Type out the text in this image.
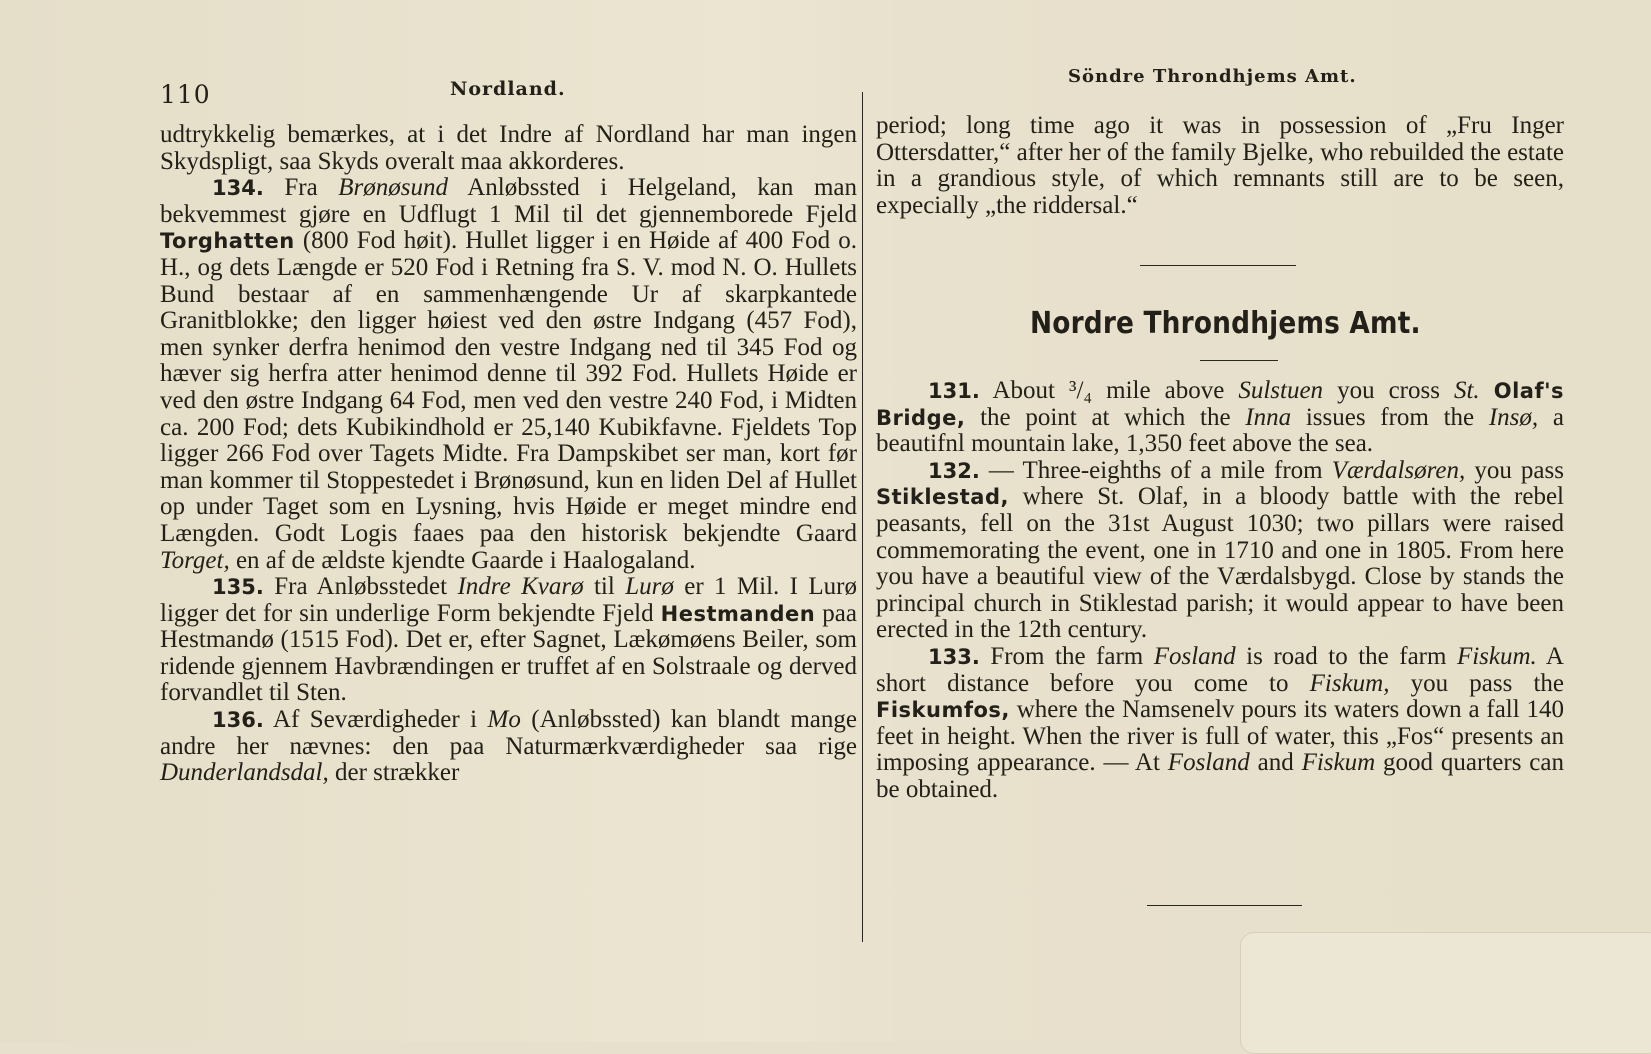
110	Nordland.
Söndre Throndhjems Amt.

udtrykkelig bemærkes, at i det Indre af Nordland har man ingen Skydspligt, saa Skyds overalt maa akkorderes.

134. Fra Brønøsund Anløbssted i Helgeland, kan man bekvemmest gjøre en Udflugt 1 Mil til det gjennemborede Fjeld Torghatten (800 Fod høit). Hullet ligger i en Høide af 400 Fod o. H., og dets Længde er 520 Fod i Retning fra S. V. mod N. O. Hullets Bund bestaar af en sammenhængende Ur af skarpkantede Granitblokke; den ligger høiest ved den østre Indgang (457 Fod), men synker derfra henimod den vestre Indgang ned til 345 Fod og hæver sig herfra atter henimod denne til 392 Fod. Hullets Høide er ved den østre Indgang 64 Fod, men ved den vestre 240 Fod, i Midten ca. 200 Fod; dets Kubikindhold er 25,140 Kubikfavne. Fjeldets Top ligger 266 Fod over Tagets Midte. Fra Dampskibet ser man, kort før man kommer til Stoppestedet i Brønøsund, kun en liden Del af Hullet op under Taget som en Lysning, hvis Høide er meget mindre end Længden. Godt Logis faaes paa den historisk bekjendte Gaard Torget, en af de ældste kjendte Gaarde i Haalogaland.

135. Fra Anløbsstedet Indre Kvarø til Lurø er 1 Mil. I Lurø ligger det for sin underlige Form bekjendte Fjeld Hestmanden paa Hestmandø (1515 Fod). Det er, efter Sagnet, Lækømøens Beiler, som ridende gjennem Havbrændingen er truffet af en Solstraale og derved forvandlet til Sten.

136. Af Seværdigheder i Mo (Anløbssted) kan blandt mange andre her nævnes: den paa Naturmærkværdigheder saa rige Dunderlandsdal, der strækker

period; long time ago it was in possession of „Fru Inger Ottersdatter,“ after her of the family Bjelke, who rebuilded the estate in a grandious style, of which remnants still are to be seen, expecially „the riddersal.“

Nordre Throndhjems Amt.

131. About ³/₄ mile above Sulstuen you cross St. Olaf's Bridge, the point at which the Inna issues from the Insø, a beautifnl mountain lake, 1,350 feet above the sea.

132. — Three-eighths of a mile from Værdalsøren, you pass Stiklestad, where St. Olaf, in a bloody battle with the rebel peasants, fell on the 31st August 1030; two pillars were raised commemorating the event, one in 1710 and one in 1805. From here you have a beautiful view of the Værdalsbygd. Close by stands the principal church in Stiklestad parish; it would appear to have been erected in the 12th century.

133. From the farm Fosland is road to the farm Fiskum. A short distance before you come to Fiskum, you pass the Fiskumfos, where the Namsenelv pours its waters down a fall 140 feet in height. When the river is full of water, this „Fos“ presents an imposing appearance. — At Fosland and Fiskum good quarters can be obtained.
